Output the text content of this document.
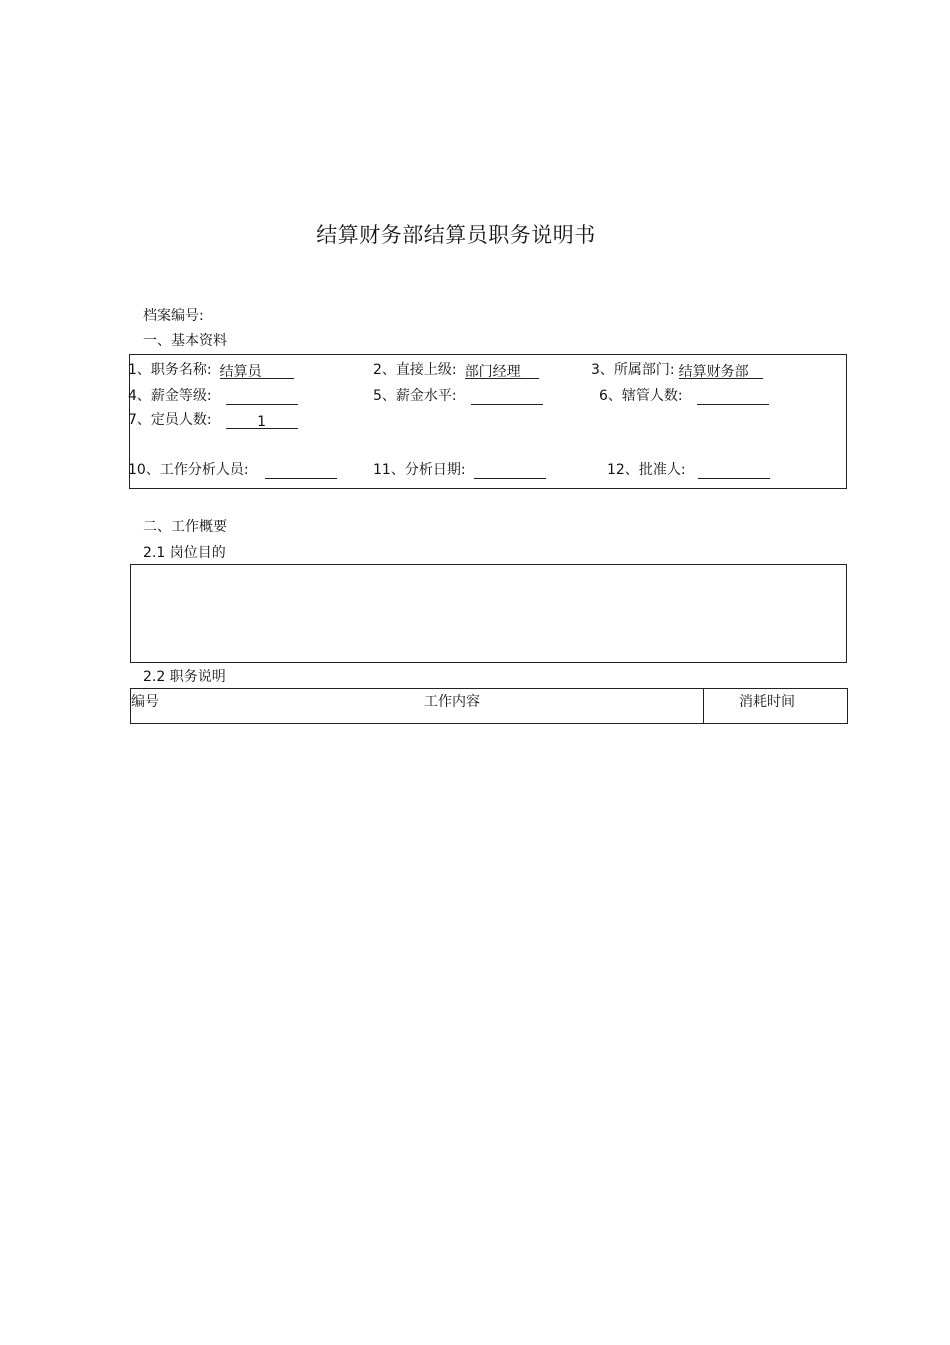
结算财务部结算员职务说明书
档案编号:
一、基本资料
1、职务名称: 结算员	2、直接上级: 部门经理	3、所属部门: 结算财务部
4、薪金等级:	5、薪金水平:	6、辖管人数:
7、定员人数:	1
10、工作分析人员:	11、分析日期:	12、批准人:
二、工作概要
2.1 岗位目的
2.2 职务说明
编号	工作内容	消耗时间
